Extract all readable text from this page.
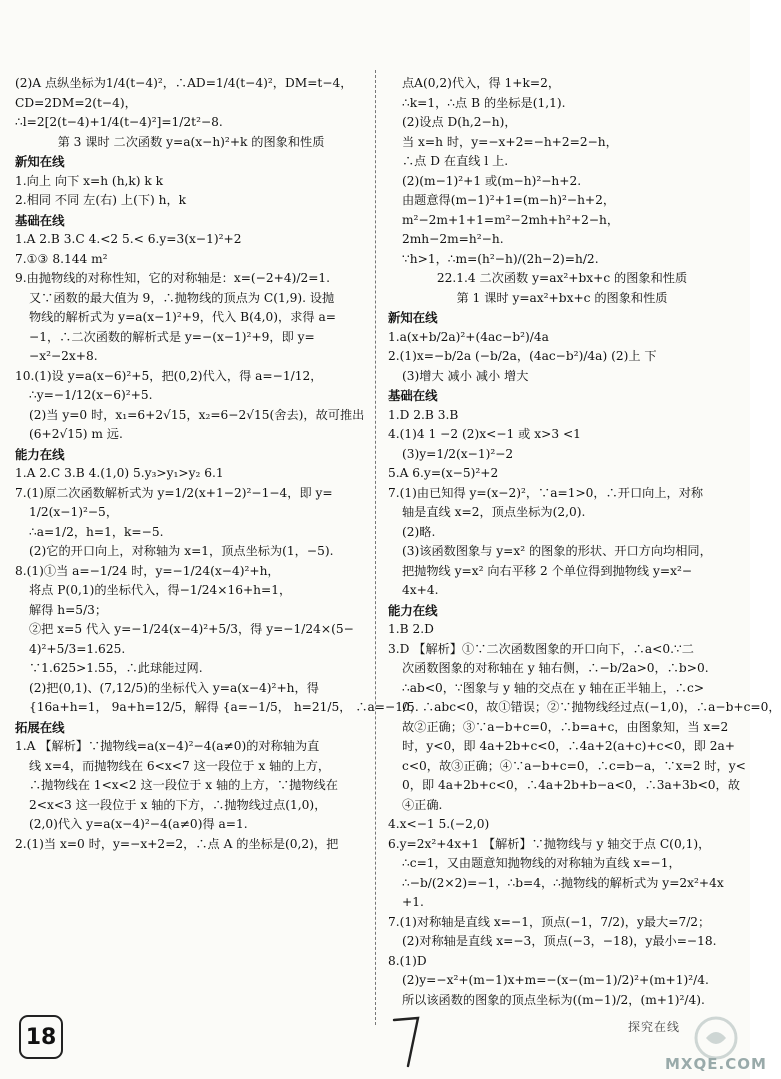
(2)A 点纵坐标为1/4(t−4)²，∴AD=1/4(t−4)²，DM=t−4，
CD=2DM=2(t−4)，
∴l=2[2(t−4)+1/4(t−4)²]=1/2t²−8.
第 3 课时 二次函数 y=a(x−h)²+k 的图象和性质
新知在线
1.向上 向下 x=h (h,k) k k
2.相同 不同 左(右) 上(下) h，k
基础在线
1.A 2.B 3.C 4.<2 5.< 6.y=3(x−1)²+2
7.①③ 8.144 m²
9.由抛物线的对称性知，它的对称轴是：x=(−2+4)/2=1.
又∵函数的最大值为 9，∴抛物线的顶点为 C(1,9). 设抛
物线的解析式为 y=a(x−1)²+9，代入 B(4,0)，求得 a=
−1，∴二次函数的解析式是 y=−(x−1)²+9，即 y=
−x²−2x+8.
10.(1)设 y=a(x−6)²+5，把(0,2)代入，得 a=−1/12，
∴y=−1/12(x−6)²+5.
(2)当 y=0 时，x₁=6+2√15，x₂=6−2√15(舍去)，故可推出
(6+2√15) m 远.
能力在线
1.A 2.C 3.B 4.(1,0) 5.y₃>y₁>y₂ 6.1
7.(1)原二次函数解析式为 y=1/2(x+1−2)²−1−4，即 y=
1/2(x−1)²−5，
∴a=1/2，h=1，k=−5.
(2)它的开口向上，对称轴为 x=1，顶点坐标为(1，−5).
8.(1)①当 a=−1/24 时，y=−1/24(x−4)²+h，
将点 P(0,1)的坐标代入，得−1/24×16+h=1，
解得 h=5/3；
②把 x=5 代入 y=−1/24(x−4)²+5/3，得 y=−1/24×(5−
4)²+5/3=1.625.
∵1.625>1.55，∴此球能过网.
(2)把(0,1)、(7,12/5)的坐标代入 y=a(x−4)²+h，得
{16a+h=1， 9a+h=12/5，解得 {a=−1/5， h=21/5， ∴a=−1/5.
拓展在线
1.A 【解析】∵抛物线=a(x−4)²−4(a≠0)的对称轴为直
线 x=4，而抛物线在 6<x<7 这一段位于 x 轴的上方，
∴抛物线在 1<x<2 这一段位于 x 轴的上方，∵抛物线在
2<x<3 这一段位于 x 轴的下方，∴抛物线过点(1,0)，
(2,0)代入 y=a(x−4)²−4(a≠0)得 a=1.
2.(1)当 x=0 时，y=−x+2=2，∴点 A 的坐标是(0,2)，把
点A(0,2)代入，得 1+k=2，
∴k=1，∴点 B 的坐标是(1,1).
(2)设点 D(h,2−h)，
当 x=h 时，y=−x+2=−h+2=2−h，
∴点 D 在直线 l 上.
(2)(m−1)²+1 或(m−h)²−h+2.
由题意得(m−1)²+1=(m−h)²−h+2，
m²−2m+1+1=m²−2mh+h²+2−h，
2mh−2m=h²−h.
∵h>1，∴m=(h²−h)/(2h−2)=h/2.
22.1.4 二次函数 y=ax²+bx+c 的图象和性质
第 1 课时 y=ax²+bx+c 的图象和性质
新知在线
1.a(x+b/2a)²+(4ac−b²)/4a
2.(1)x=−b/2a (−b/2a，(4ac−b²)/4a) (2)上 下
(3)增大 减小 减小 增大
基础在线
1.D 2.B 3.B
4.(1)4 1 −2 (2)x<−1 或 x>3 <1
(3)y=1/2(x−1)²−2
5.A 6.y=(x−5)²+2
7.(1)由已知得 y=(x−2)²，∵a=1>0，∴开口向上，对称
轴是直线 x=2，顶点坐标为(2,0).
(2)略.
(3)该函数图象与 y=x² 的图象的形状、开口方向均相同，
把抛物线 y=x² 向右平移 2 个单位得到抛物线 y=x²−
4x+4.
能力在线
1.B 2.D
3.D 【解析】①∵二次函数图象的开口向下，∴a<0.∵二
次函数图象的对称轴在 y 轴右侧，∴−b/2a>0，∴b>0.
∴ab<0，∵图象与 y 轴的交点在 y 轴在正半轴上，∴c>
0，∴abc<0，故①错误；②∵抛物线经过点(−1,0)，∴a−b+c=0，
故②正确；③∵a−b+c=0，∴b=a+c，由图象知，当 x=2
时，y<0，即 4a+2b+c<0，∴4a+2(a+c)+c<0，即 2a+
c<0，故③正确；④∵a−b+c=0，∴c=b−a，∵x=2 时，y<
0，即 4a+2b+c<0，∴4a+2b+b−a<0，∴3a+3b<0，故
④正确.
4.x<−1 5.(−2,0)
6.y=2x²+4x+1 【解析】∵抛物线与 y 轴交于点 C(0,1)，
∴c=1，又由题意知抛物线的对称轴为直线 x=−1，
∴−b/(2×2)=−1，∴b=4，∴抛物线的解析式为 y=2x²+4x
+1.
7.(1)对称轴是直线 x=−1，顶点(−1，7/2)，y最大=7/2；
(2)对称轴是直线 x=−3，顶点(−3，−18)，y最小=−18.
8.(1)D
(2)y=−x²+(m−1)x+m=−(x−(m−1)/2)²+(m+1)²/4.
所以该函数的图象的顶点坐标为((m−1)/2，(m+1)²/4).
18	探究在线
MXQE.COM
